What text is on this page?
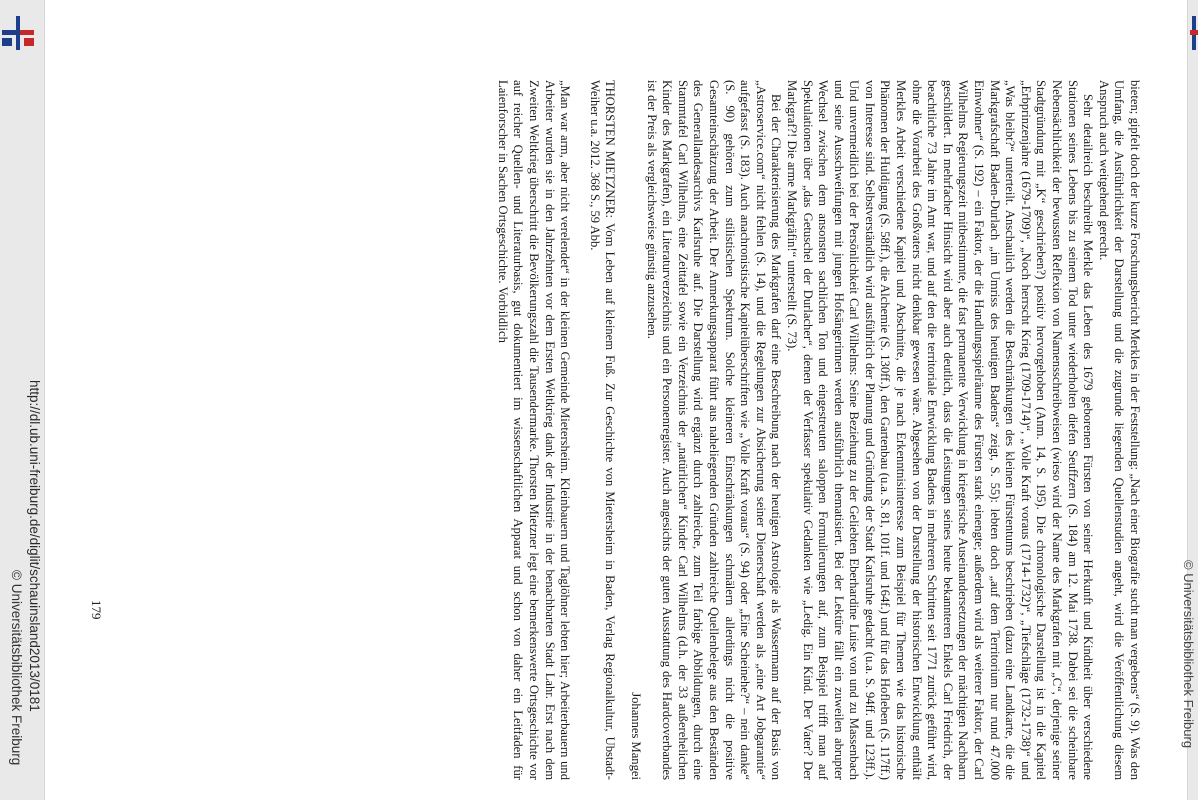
http://dl.ub.uni-freiburg.de/diglit/schauinsland2013/0181
© Universitätsbibliothek Freiburg	© Universitätsbibliothek Freiburg
179	bieten; gipfelt doch der kurze Forschungsbericht Merkles in der Feststellung: „Nach einer Biografie sucht man vergebens“ (S. 9). Was den Umfang, die Ausführlichkeit der Darstellung und die zugrunde liegenden Quellenstudien angeht, wird die Veröffentlichung diesem Anspruch auch weitgehend gerecht.

Sehr detailreich beschreibt Merkle das Leben des 1679 geborenen Fürsten von seiner Herkunft und Kindheit über verschiedene Stationen seines Lebens bis zu seinem Tod unter wiederholten diefen Seuffzern (S. 184) am 12. Mai 1738. Dabei sei die scheinbare Nebensächlichkeit der bewussten Reflexion von Namensschreibweisen (wieso wird der Name des Markgrafen mit „C“, derjenige seiner Stadtgründung mit „K“ geschrieben?) positiv hervorgehoben (Anm. 14, S. 195). Die chronologische Darstellung ist in die Kapitel „Erbprinzenjahre (1679-1709)“, „Noch herrscht Krieg (1709-1714)“, „Volle Kraft voraus (1714-1732)“, „Tiefschläge (1732-1738)“ und „Was bleibt?“ unterteilt. Anschaulich werden die Beschränkungen des kleinen Fürstentums beschrieben (dazu eine Landkarte, die die Markgrafschaft Baden-Durlach „im Umriss des heutigen Badens“ zeigt, S. 55): lebten doch „auf dem Territorium nur rund 47.000 Einwohner“ (S. 192) – ein Faktor, der die Handlungsspielräume des Fürsten stark einengte; außerdem wird als weiterer Faktor, der Carl Wilhelms Regierungszeit mitbestimmte, die fast permanente Verwicklung in kriegerische Auseinandersetzungen der mächtigen Nachbarn geschildert. In mehrfacher Hinsicht wird aber auch deutlich, dass die Leistungen seines heute bekannteren Enkels Carl Friedrich, der beachtliche 73 Jahre im Amt war, und auf den die territoriale Entwicklung Badens in mehreren Schritten seit 1771 zurück geführt wird, ohne die Vorarbeit des Großvaters nicht denkbar gewesen wäre. Abgesehen von der Darstellung der historischen Entwicklung enthält Merkles Arbeit verschiedene Kapitel und Abschnitte, die je nach Erkenntnisinteresse zum Beispiel für Themen wie das historische Phänomen der Huldigung (S. 58ff.), die Alchemie (S. 130ff.), den Gartenbau (u.a. S. 81, 101f. und 164f.) und für das Hofleben (S. 117ff.) von Interesse sind. Selbstverständlich wird ausführlich der Planung und Gründung der Stadt Karlsruhe gedacht (u.a. S. 94ff. und 123ff.). Und unvermeidlich bei der Persönlichkeit Carl Wilhelms: Seine Beziehung zu der Geliebten Eberhardine Luise von und zu Massenbach und seine Ausschweifungen mit jungen Hofsängerinnen werden ausführlich thematisiert. Bei der Lektüre fällt ein zuweilen abrupter Wechsel zwischen dem ansonsten sachlichen Ton und eingestreuten saloppen Formulierungen auf, zum Beispiel trifft man auf Spekulationen über „das Getuschel der Durlacher“, denen der Verfasser spekulativ Gedanken wie „Ledig. Ein Kind. Der Vater? Der Markgraf?! Die arme Markgräfin!“ unterstellt (S. 73).

Bei der Charakterisierung des Markgrafen darf eine Beschreibung nach der heutigen Astrologie als Wassermann auf der Basis von „Astroservice.com“ nicht fehlen (S. 14), und die Regelungen zur Absicherung seiner Dienerschaft werden als „eine Art Jobgarantie“ aufgefasst (S. 183). Auch anachronistische Kapitelüberschriften wie „Volle Kraft voraus“ (S. 94) oder „Eine Scheinehe?“ – nein danke“ (S. 90) gehören zum stilistischen Spektrum. Solche kleineren Einschränkungen schmälern allerdings nicht die positive Gesamteinschätzung der Arbeit. Der Anmerkungsapparat führt aus naheliegenden Gründen zahlreiche Quellenbelege aus den Beständen des Generallandesarchivs Karlsruhe auf. Die Darstellung wird ergänzt durch zahlreiche, zum Teil farbige Abbildungen, durch eine Stammtafel Carl Wilhelms, eine Zeittafel sowie ein Verzeichnis der „natürlichen“ Kinder Carl Wilhelms (d.h. der 33 außerehelichen Kinder des Markgrafen), ein Literaturverzeichnis und ein Personenregister. Auch angesichts der guten Ausstattung des Hardcoverbandes ist der Preis als vergleichsweise günstig anzusehen.

Johannes Mangei

THORSTEN MIETZNER: Vom Leben auf kleinem Fuß. Zur Geschichte von Mietersheim in Baden, Verlag Regionalkultur, Ubstadt-Weiher u.a. 2012. 368 S., 59 Abb.

„Man war arm, aber nicht verelendet“ in der kleinen Gemeinde Mietersheim. Kleinbauern und Taglöhner lebten hier; Arbeiterbauern und Arbeiter wurden sie in den Jahrzehnten vor dem Ersten Weltkrieg dank der Industrie in der benachbarten Stadt Lahr. Erst nach dem Zweiten Weltkrieg überschritt die Bevölkerungszahl die Tausendermarke. Thorsten Mietzner legt eine bemerkenswerte Ortsgeschichte vor auf reicher Quellen- und Literaturbasis, gut dokumentiert im wissenschaftlichen Apparat und schon von daher ein Leitfaden für Laienforscher in Sachen Ortsgeschichte. Vorbildlich
